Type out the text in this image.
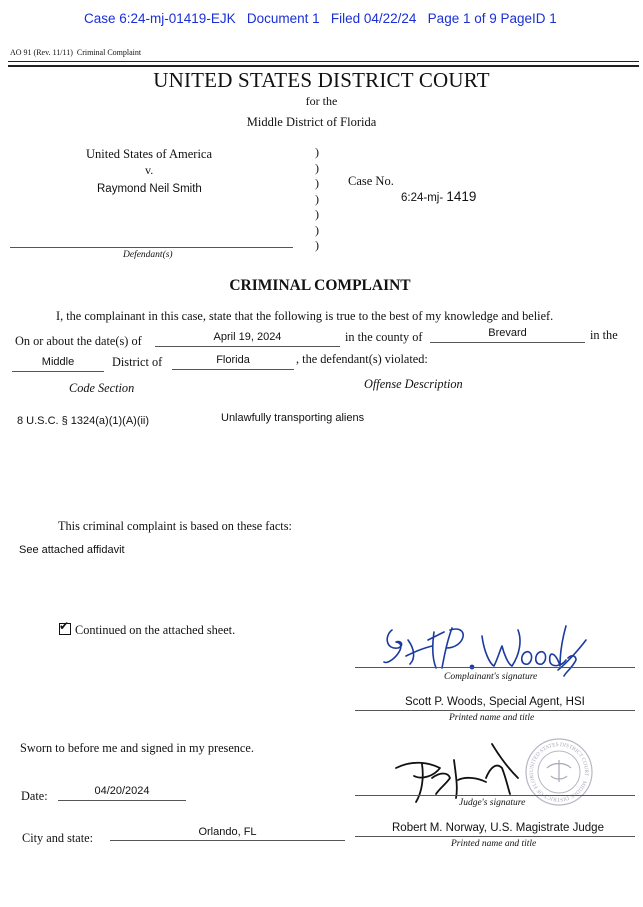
Case 6:24-mj-01419-EJK   Document 1   Filed 04/22/24   Page 1 of 9 PageID 1
AO 91 (Rev. 11/11) Criminal Complaint
UNITED STATES DISTRICT COURT
for the
Middle District of Florida
United States of America
v.
Raymond Neil Smith
)
)
)
)
)
)
)
Case No.
6:24-mj- 1419
Defendant(s)
CRIMINAL COMPLAINT
I, the complainant in this case, state that the following is true to the best of my knowledge and belief.
On or about the date(s) of	April 19, 2024	in the county of	Brevard	in the
Middle	District of	Florida	, the defendant(s) violated:
Code Section	Offense Description
8 U.S.C. § 1324(a)(1)(A)(ii)	Unlawfully transporting aliens
This criminal complaint is based on these facts:
See attached affidavit
✔ Continued on the attached sheet.
Complainant's signature
Scott P. Woods, Special Agent, HSI
Printed name and title
Sworn to before me and signed in my presence.
UNITED STATES DISTRICT COURT · MIDDLE DISTRICT OF FLORI
Judge's signature
Date:	04/20/2024
City and state:	Orlando, FL	Robert M. Norway, U.S. Magistrate Judge
Printed name and title
